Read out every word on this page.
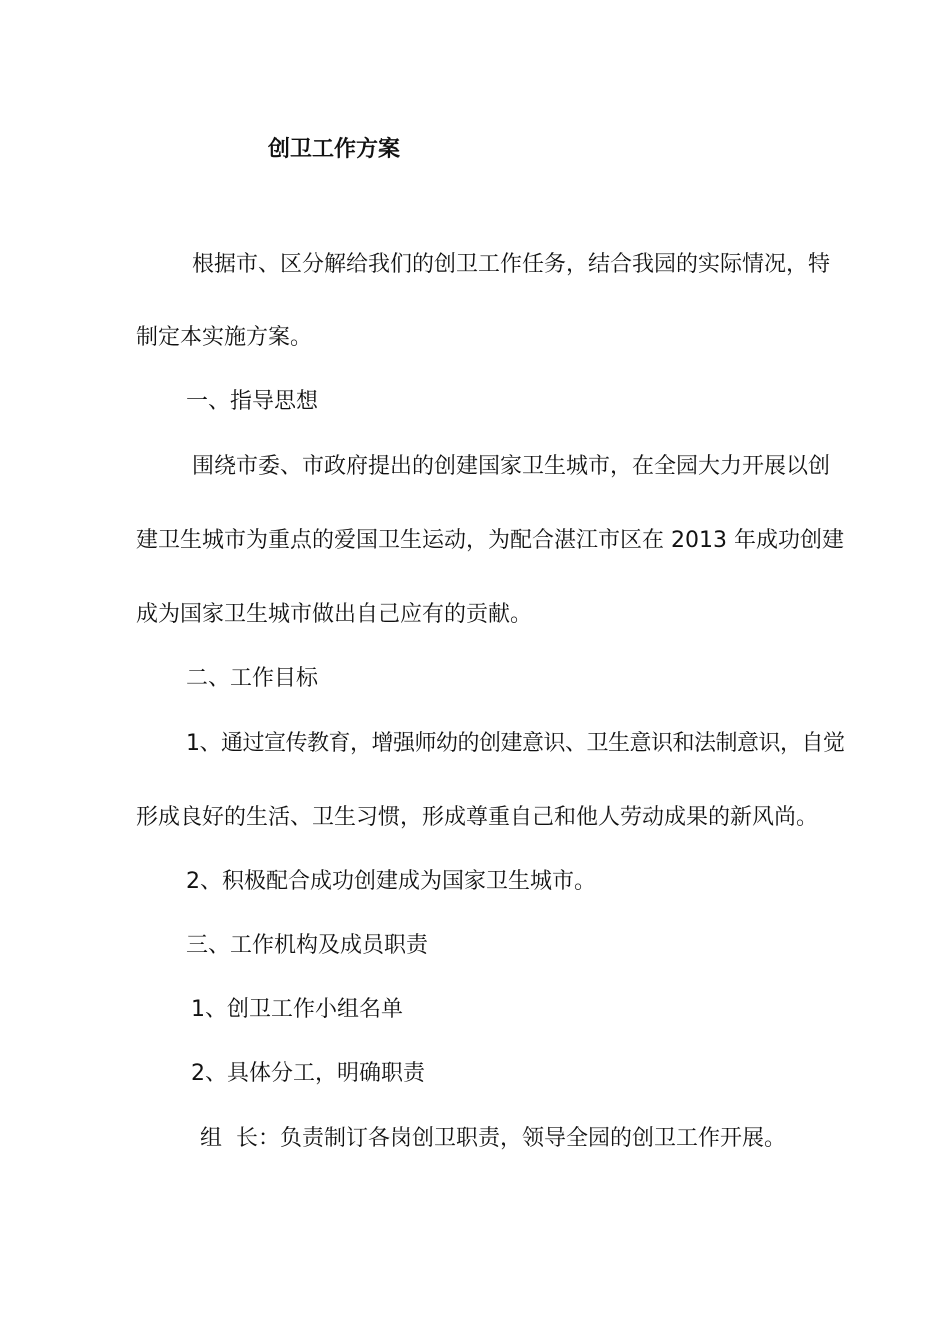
创卫工作方案
根据市、区分解给我们的创卫工作任务，结合我园的实际情况，特
制定本实施方案。
一、指导思想
围绕市委、市政府提出的创建国家卫生城市，在全园大力开展以创
建卫生城市为重点的爱国卫生运动，为配合湛江市区在 2013 年成功创建
成为国家卫生城市做出自己应有的贡献。
二、工作目标
1、通过宣传教育，增强师幼的创建意识、卫生意识和法制意识，自觉
形成良好的生活、卫生习惯，形成尊重自己和他人劳动成果的新风尚。
2、积极配合成功创建成为国家卫生城市。
三、工作机构及成员职责
1、创卫工作小组名单
2、具体分工，明确职责
组  长：负责制订各岗创卫职责，领导全园的创卫工作开展。
